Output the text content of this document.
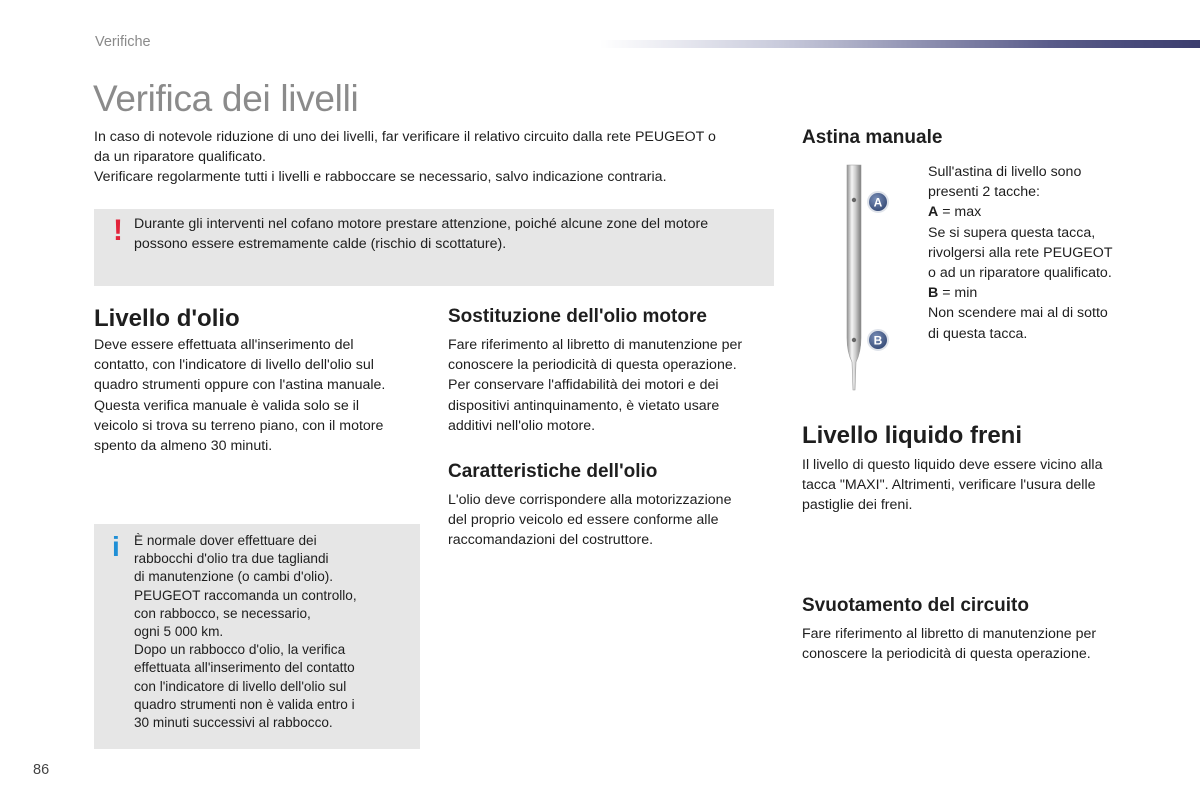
Verifiche
Verifica dei livelli

In caso di notevole riduzione di uno dei livelli, far verificare il relativo circuito dalla rete PEUGEOT o

da un riparatore qualificato.

Verificare regolarmente tutti i livelli e rabboccare se necessario, salvo indicazione contraria.

! Durante gli interventi nel cofano motore prestare attenzione, poiché alcune zone del motore

possono essere estremamente calde (rischio di scottature).

Livello d'olio

Deve essere effettuata all'inserimento del

contatto, con l'indicatore di livello dell'olio sul

quadro strumenti oppure con l'astina manuale.

Questa verifica manuale è valida solo se il

veicolo si trova su terreno piano, con il motore

spento da almeno 30 minuti.

i È normale dover effettuare dei

rabbocchi d'olio tra due tagliandi

di manutenzione (o cambi d'olio).

PEUGEOT raccomanda un controllo,

con rabbocco, se necessario,

ogni 5 000 km.

Dopo un rabbocco d'olio, la verifica

effettuata all'inserimento del contatto

con l'indicatore di livello dell'olio sul

quadro strumenti non è valida entro i

30 minuti successivi al rabbocco.

Sostituzione dell'olio motore

Fare riferimento al libretto di manutenzione per

conoscere la periodicità di questa operazione.

Per conservare l'affidabilità dei motori e dei

dispositivi antinquinamento, è vietato usare

additivi nell'olio motore.

Caratteristiche dell'olio

L'olio deve corrispondere alla motorizzazione

del proprio veicolo ed essere conforme alle

raccomandazioni del costruttore.

Astina manuale
A
B

Sull'astina di livello sono

presenti 2 tacche:

A = max

Se si supera questa tacca,

rivolgersi alla rete PEUGEOT

o ad un riparatore qualificato.

B = min

Non scendere mai al di sotto

di questa tacca.

Livello liquido freni

Il livello di questo liquido deve essere vicino alla

tacca "MAXI". Altrimenti, verificare l'usura delle

pastiglie dei freni.

Svuotamento del circuito

Fare riferimento al libretto di manutenzione per

conoscere la periodicità di questa operazione.

86
